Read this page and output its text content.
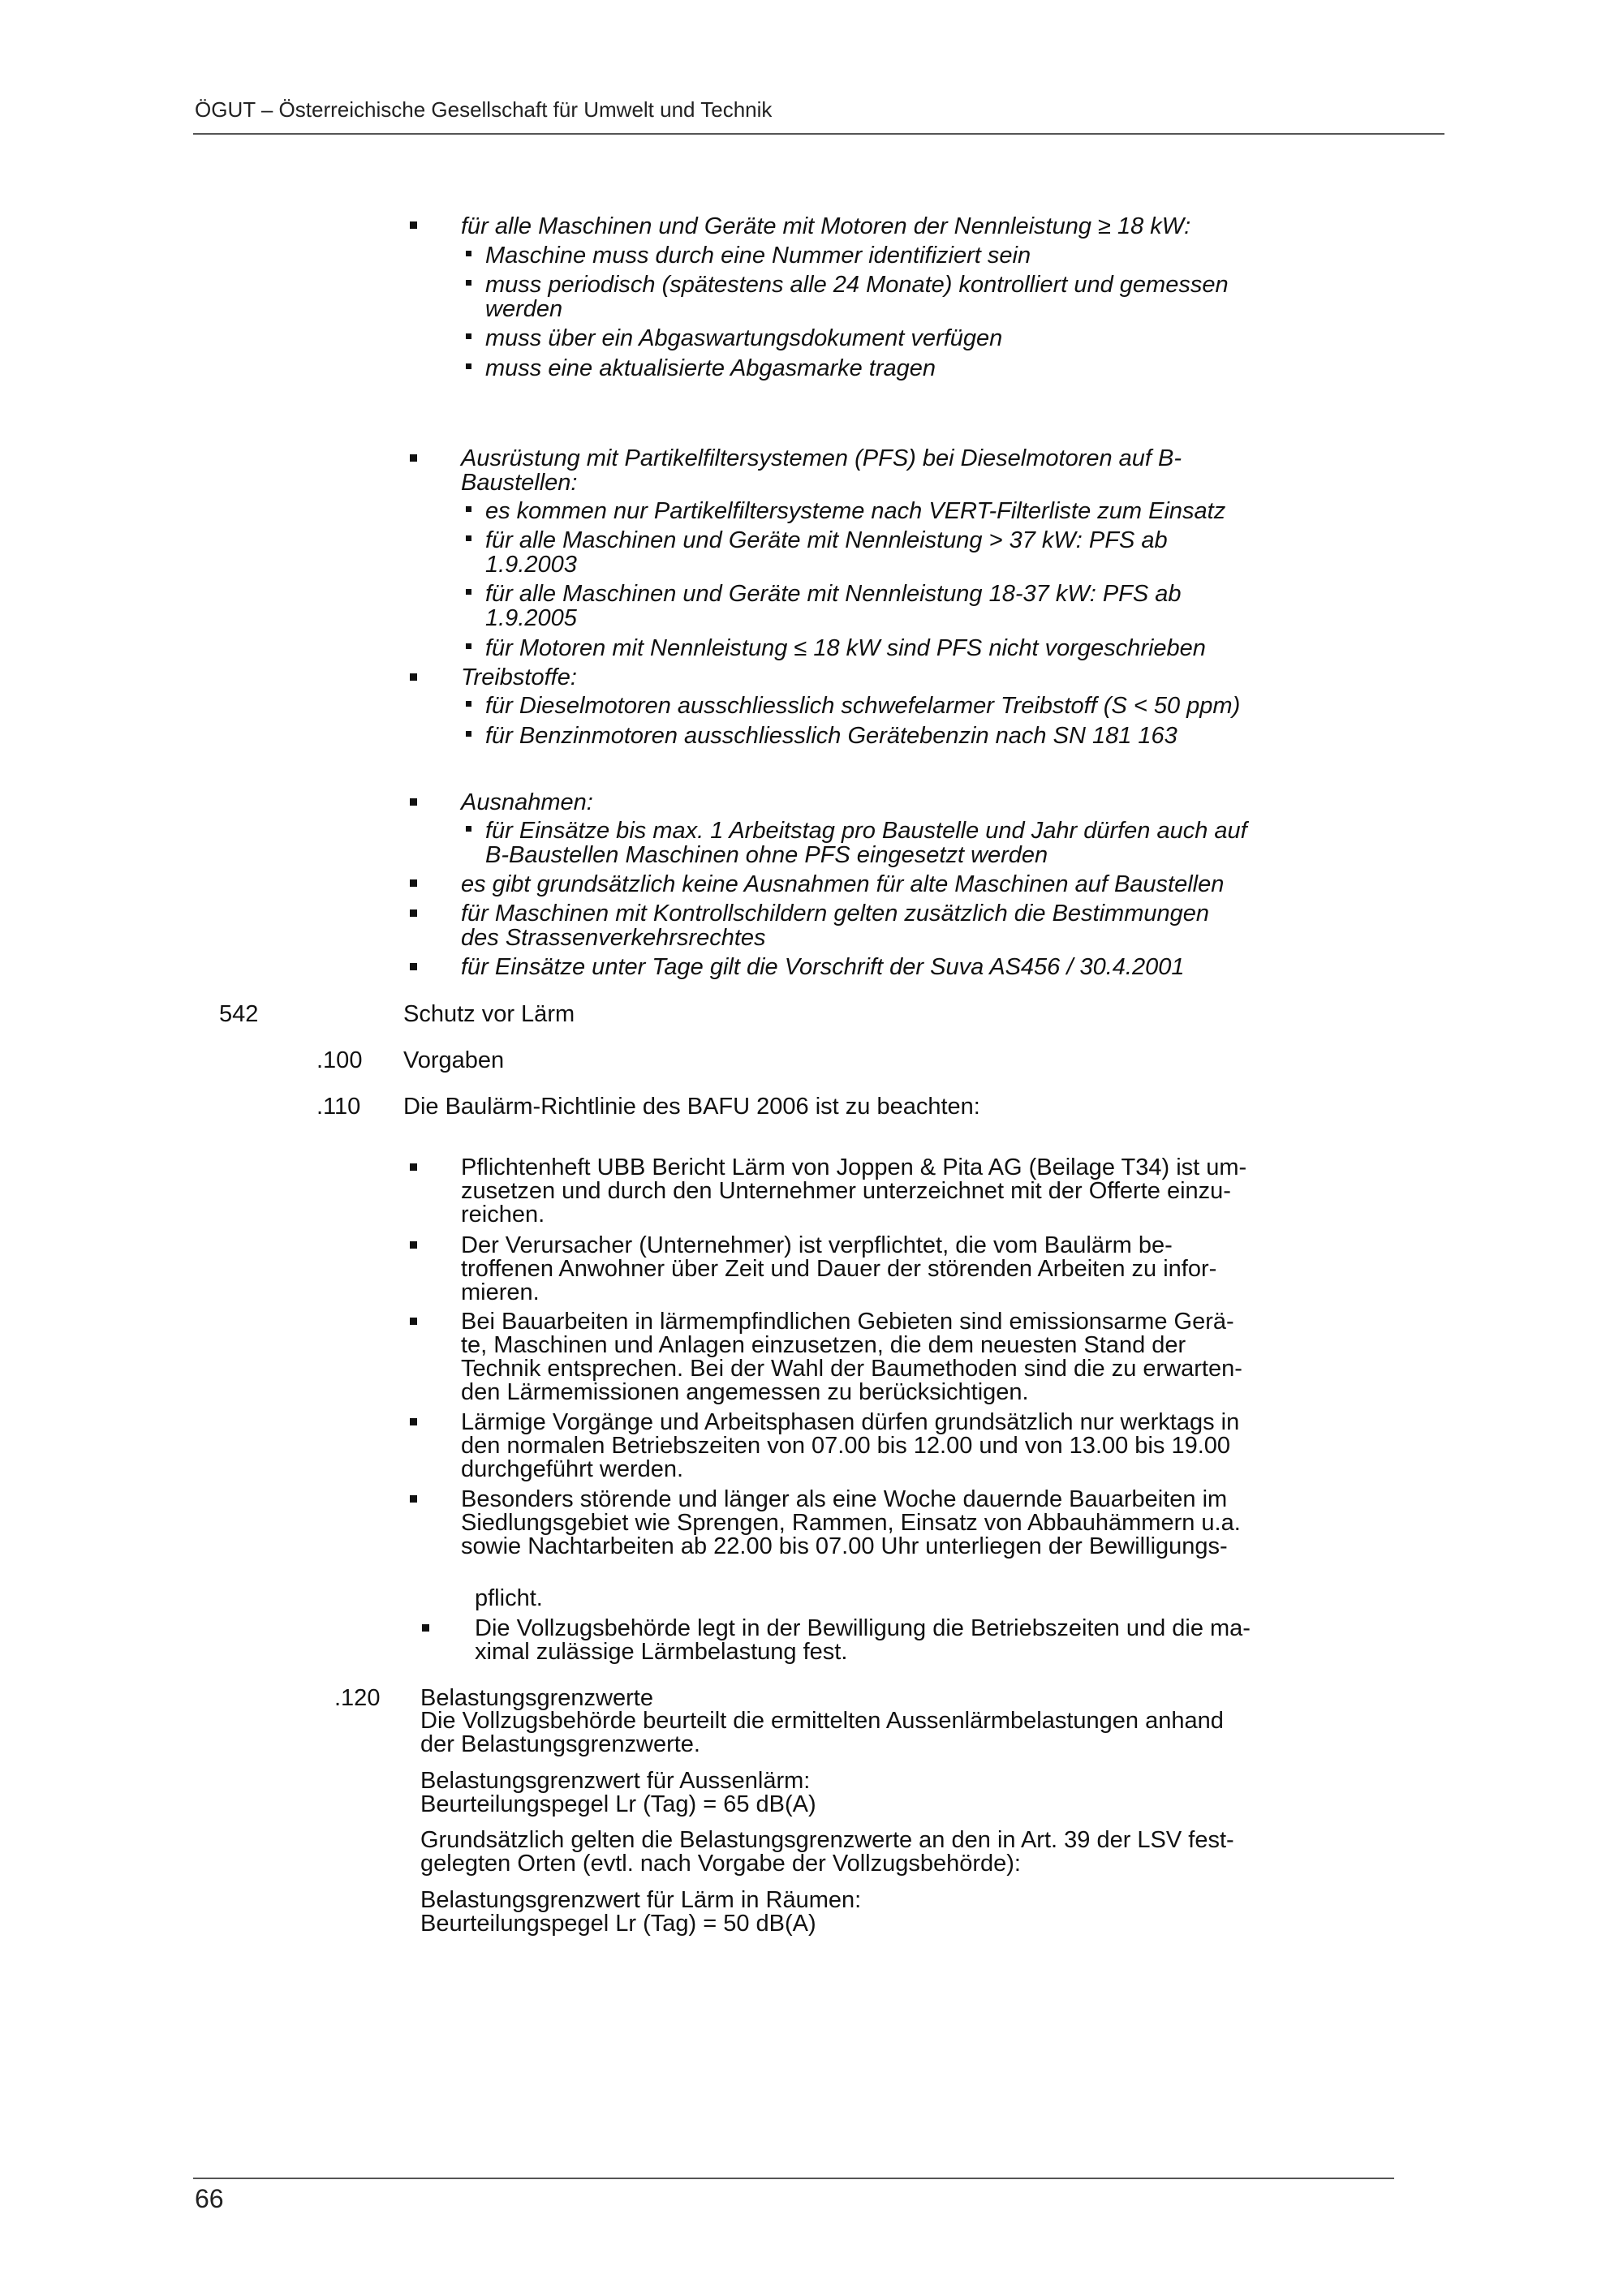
ÖGUT – Österreichische Gesellschaft für Umwelt und Technik
für alle Maschinen und Geräte mit Motoren der Nennleistung ≥ 18 kW:
Maschine muss durch eine Nummer identifiziert sein
muss periodisch (spätestens alle 24 Monate) kontrolliert und gemessen
werden
muss über ein Abgaswartungsdokument verfügen
muss eine aktualisierte Abgasmarke tragen
Ausrüstung mit Partikelfiltersystemen (PFS) bei Dieselmotoren auf B-
Baustellen:
es kommen nur Partikelfiltersysteme nach VERT-Filterliste zum Einsatz
für alle Maschinen und Geräte mit Nennleistung > 37 kW: PFS ab
1.9.2003
für alle Maschinen und Geräte mit Nennleistung 18-37 kW: PFS ab
1.9.2005
für Motoren mit Nennleistung ≤ 18 kW sind PFS nicht vorgeschrieben
Treibstoffe:
für Dieselmotoren ausschliesslich schwefelarmer Treibstoff (S < 50 ppm)
für Benzinmotoren ausschliesslich Gerätebenzin nach SN 181 163
Ausnahmen:
für Einsätze bis max. 1 Arbeitstag pro Baustelle und Jahr dürfen auch auf
B-Baustellen Maschinen ohne PFS eingesetzt werden
es gibt grundsätzlich keine Ausnahmen für alte Maschinen auf Baustellen
für Maschinen mit Kontrollschildern gelten zusätzlich die Bestimmungen
des Strassenverkehrsrechtes
für Einsätze unter Tage gilt die Vorschrift der Suva AS456 / 30.4.2001
542	Schutz vor Lärm
.100 Vorgaben
.110 Die Baulärm-Richtlinie des BAFU 2006 ist zu beachten:
Pflichtenheft UBB Bericht Lärm von Joppen & Pita AG (Beilage T34) ist um-
zusetzen und durch den Unternehmer unterzeichnet mit der Offerte einzu-
reichen.
Der Verursacher (Unternehmer) ist verpflichtet, die vom Baulärm be-
troffenen Anwohner über Zeit und Dauer der störenden Arbeiten zu infor-
mieren.
Bei Bauarbeiten in lärmempfindlichen Gebieten sind emissionsarme Gerä-
te, Maschinen und Anlagen einzusetzen, die dem neuesten Stand der
Technik entsprechen. Bei der Wahl der Baumethoden sind die zu erwarten-
den Lärmemissionen angemessen zu berücksichtigen.
Lärmige Vorgänge und Arbeitsphasen dürfen grundsätzlich nur werktags in
den normalen Betriebszeiten von 07.00 bis 12.00 und von 13.00 bis 19.00
durchgeführt werden.
Besonders störende und länger als eine Woche dauernde Bauarbeiten im
Siedlungsgebiet wie Sprengen, Rammen, Einsatz von Abbauhämmern u.a.
sowie Nachtarbeiten ab 22.00 bis 07.00 Uhr unterliegen der Bewilligungs-
pflicht.
Die Vollzugsbehörde legt in der Bewilligung die Betriebszeiten und die ma-
ximal zulässige Lärmbelastung fest.
.120 Belastungsgrenzwerte
Die Vollzugsbehörde beurteilt die ermittelten Aussenlärmbelastungen anhand
der Belastungsgrenzwerte.
Belastungsgrenzwert für Aussenlärm:
Beurteilungspegel Lr (Tag) = 65 dB(A)
Grundsätzlich gelten die Belastungsgrenzwerte an den in Art. 39 der LSV fest-
gelegten Orten (evtl. nach Vorgabe der Vollzugsbehörde):
Belastungsgrenzwert für Lärm in Räumen:
Beurteilungspegel Lr (Tag) = 50 dB(A)
66
